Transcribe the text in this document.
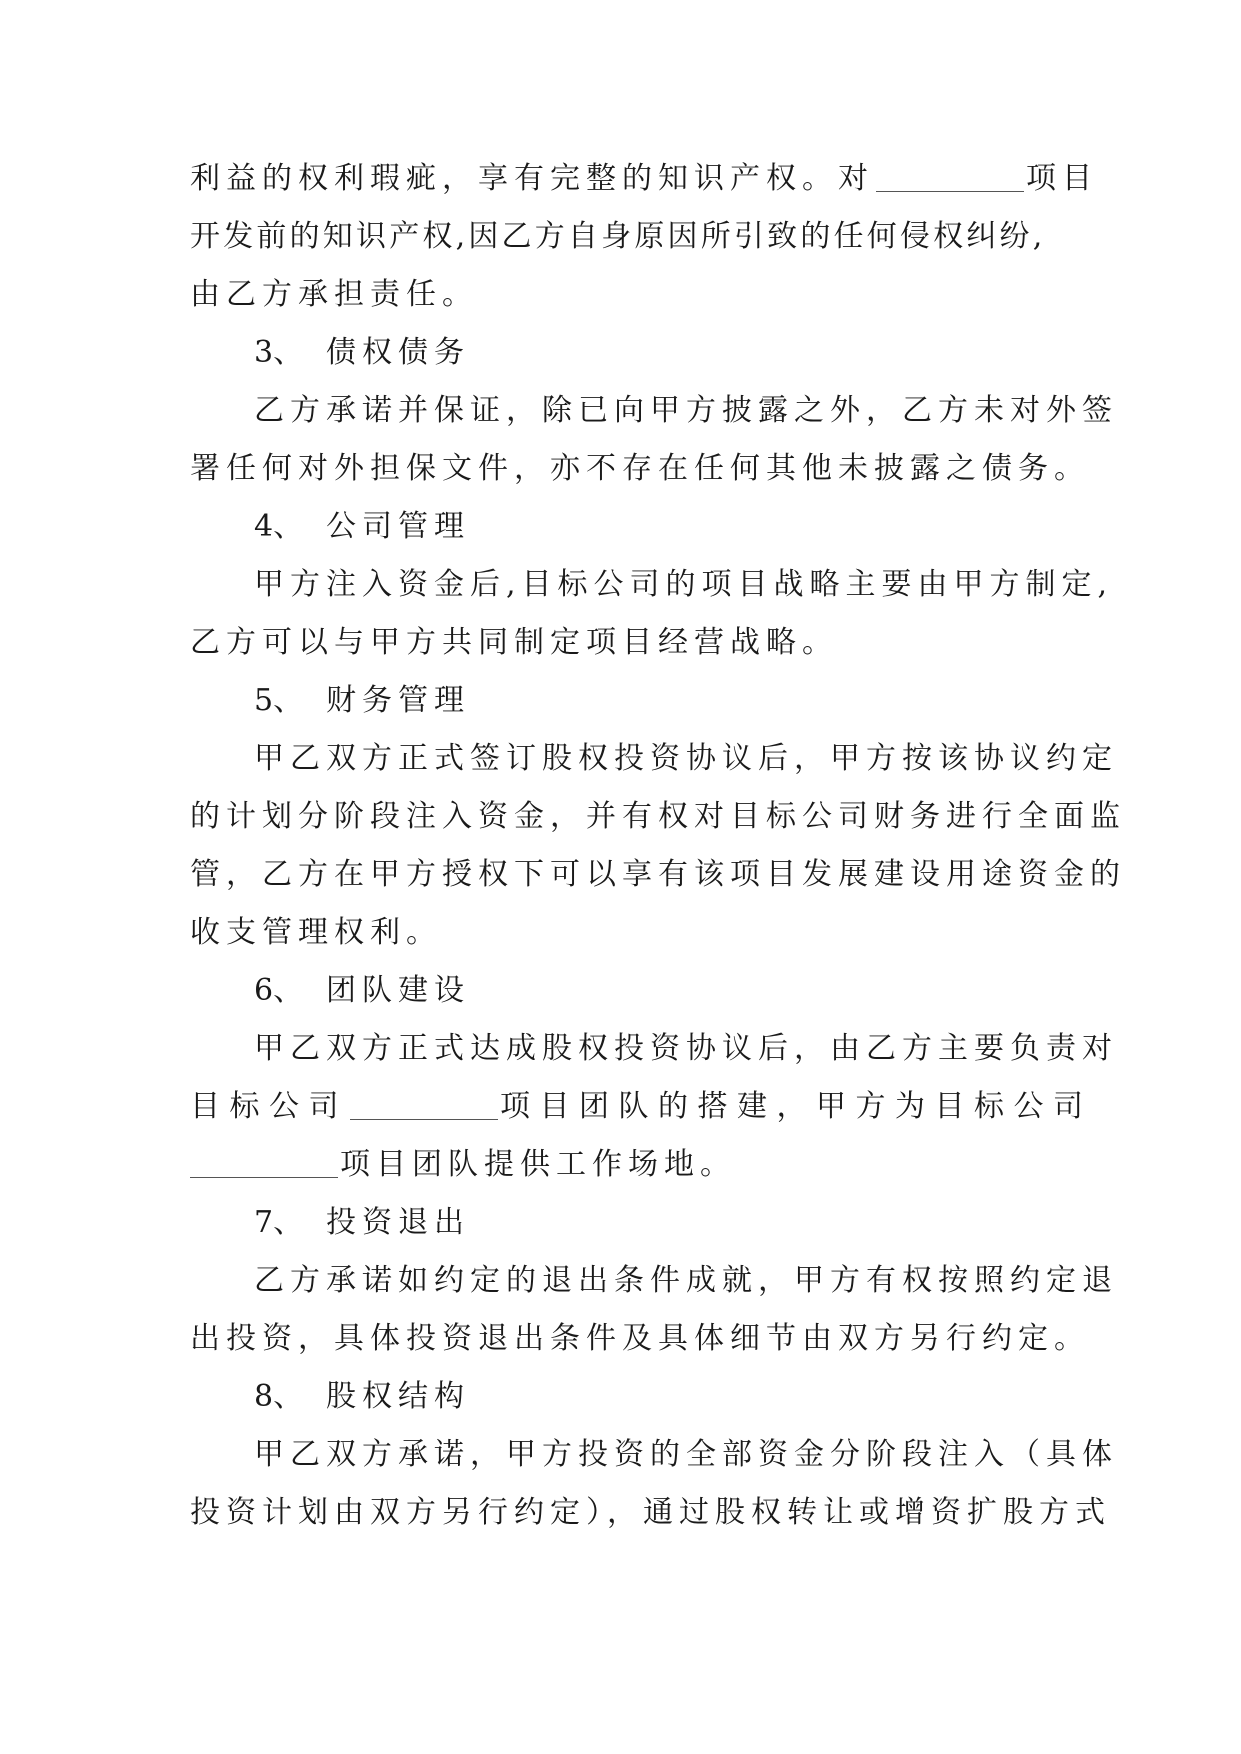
利益的权利瑕疵，享有完整的知识产权。对	项目
开发前的知识产权,因乙方自身原因所引致的任何侵权纠纷,
由乙方承担责任。
3、 债权债务
乙方承诺并保证，除已向甲方披露之外，乙方未对外签
署任何对外担保文件，亦不存在任何其他未披露之债务。
4、 公司管理
甲方注入资金后,目标公司的项目战略主要由甲方制定,
乙方可以与甲方共同制定项目经营战略。
5、 财务管理
甲乙双方正式签订股权投资协议后，甲方按该协议约定
的计划分阶段注入资金，并有权对目标公司财务进行全面监
管，乙方在甲方授权下可以享有该项目发展建设用途资金的
收支管理权利。
6、 团队建设
甲乙双方正式达成股权投资协议后，由乙方主要负责对
目标公司	项目团队的搭建，甲方为目标公司
项目团队提供工作场地。
7、 投资退出
乙方承诺如约定的退出条件成就，甲方有权按照约定退
出投资，具体投资退出条件及具体细节由双方另行约定。
8、 股权结构
甲乙双方承诺，甲方投资的全部资金分阶段注入（具体
投资计划由双方另行约定），通过股权转让或增资扩股方式
